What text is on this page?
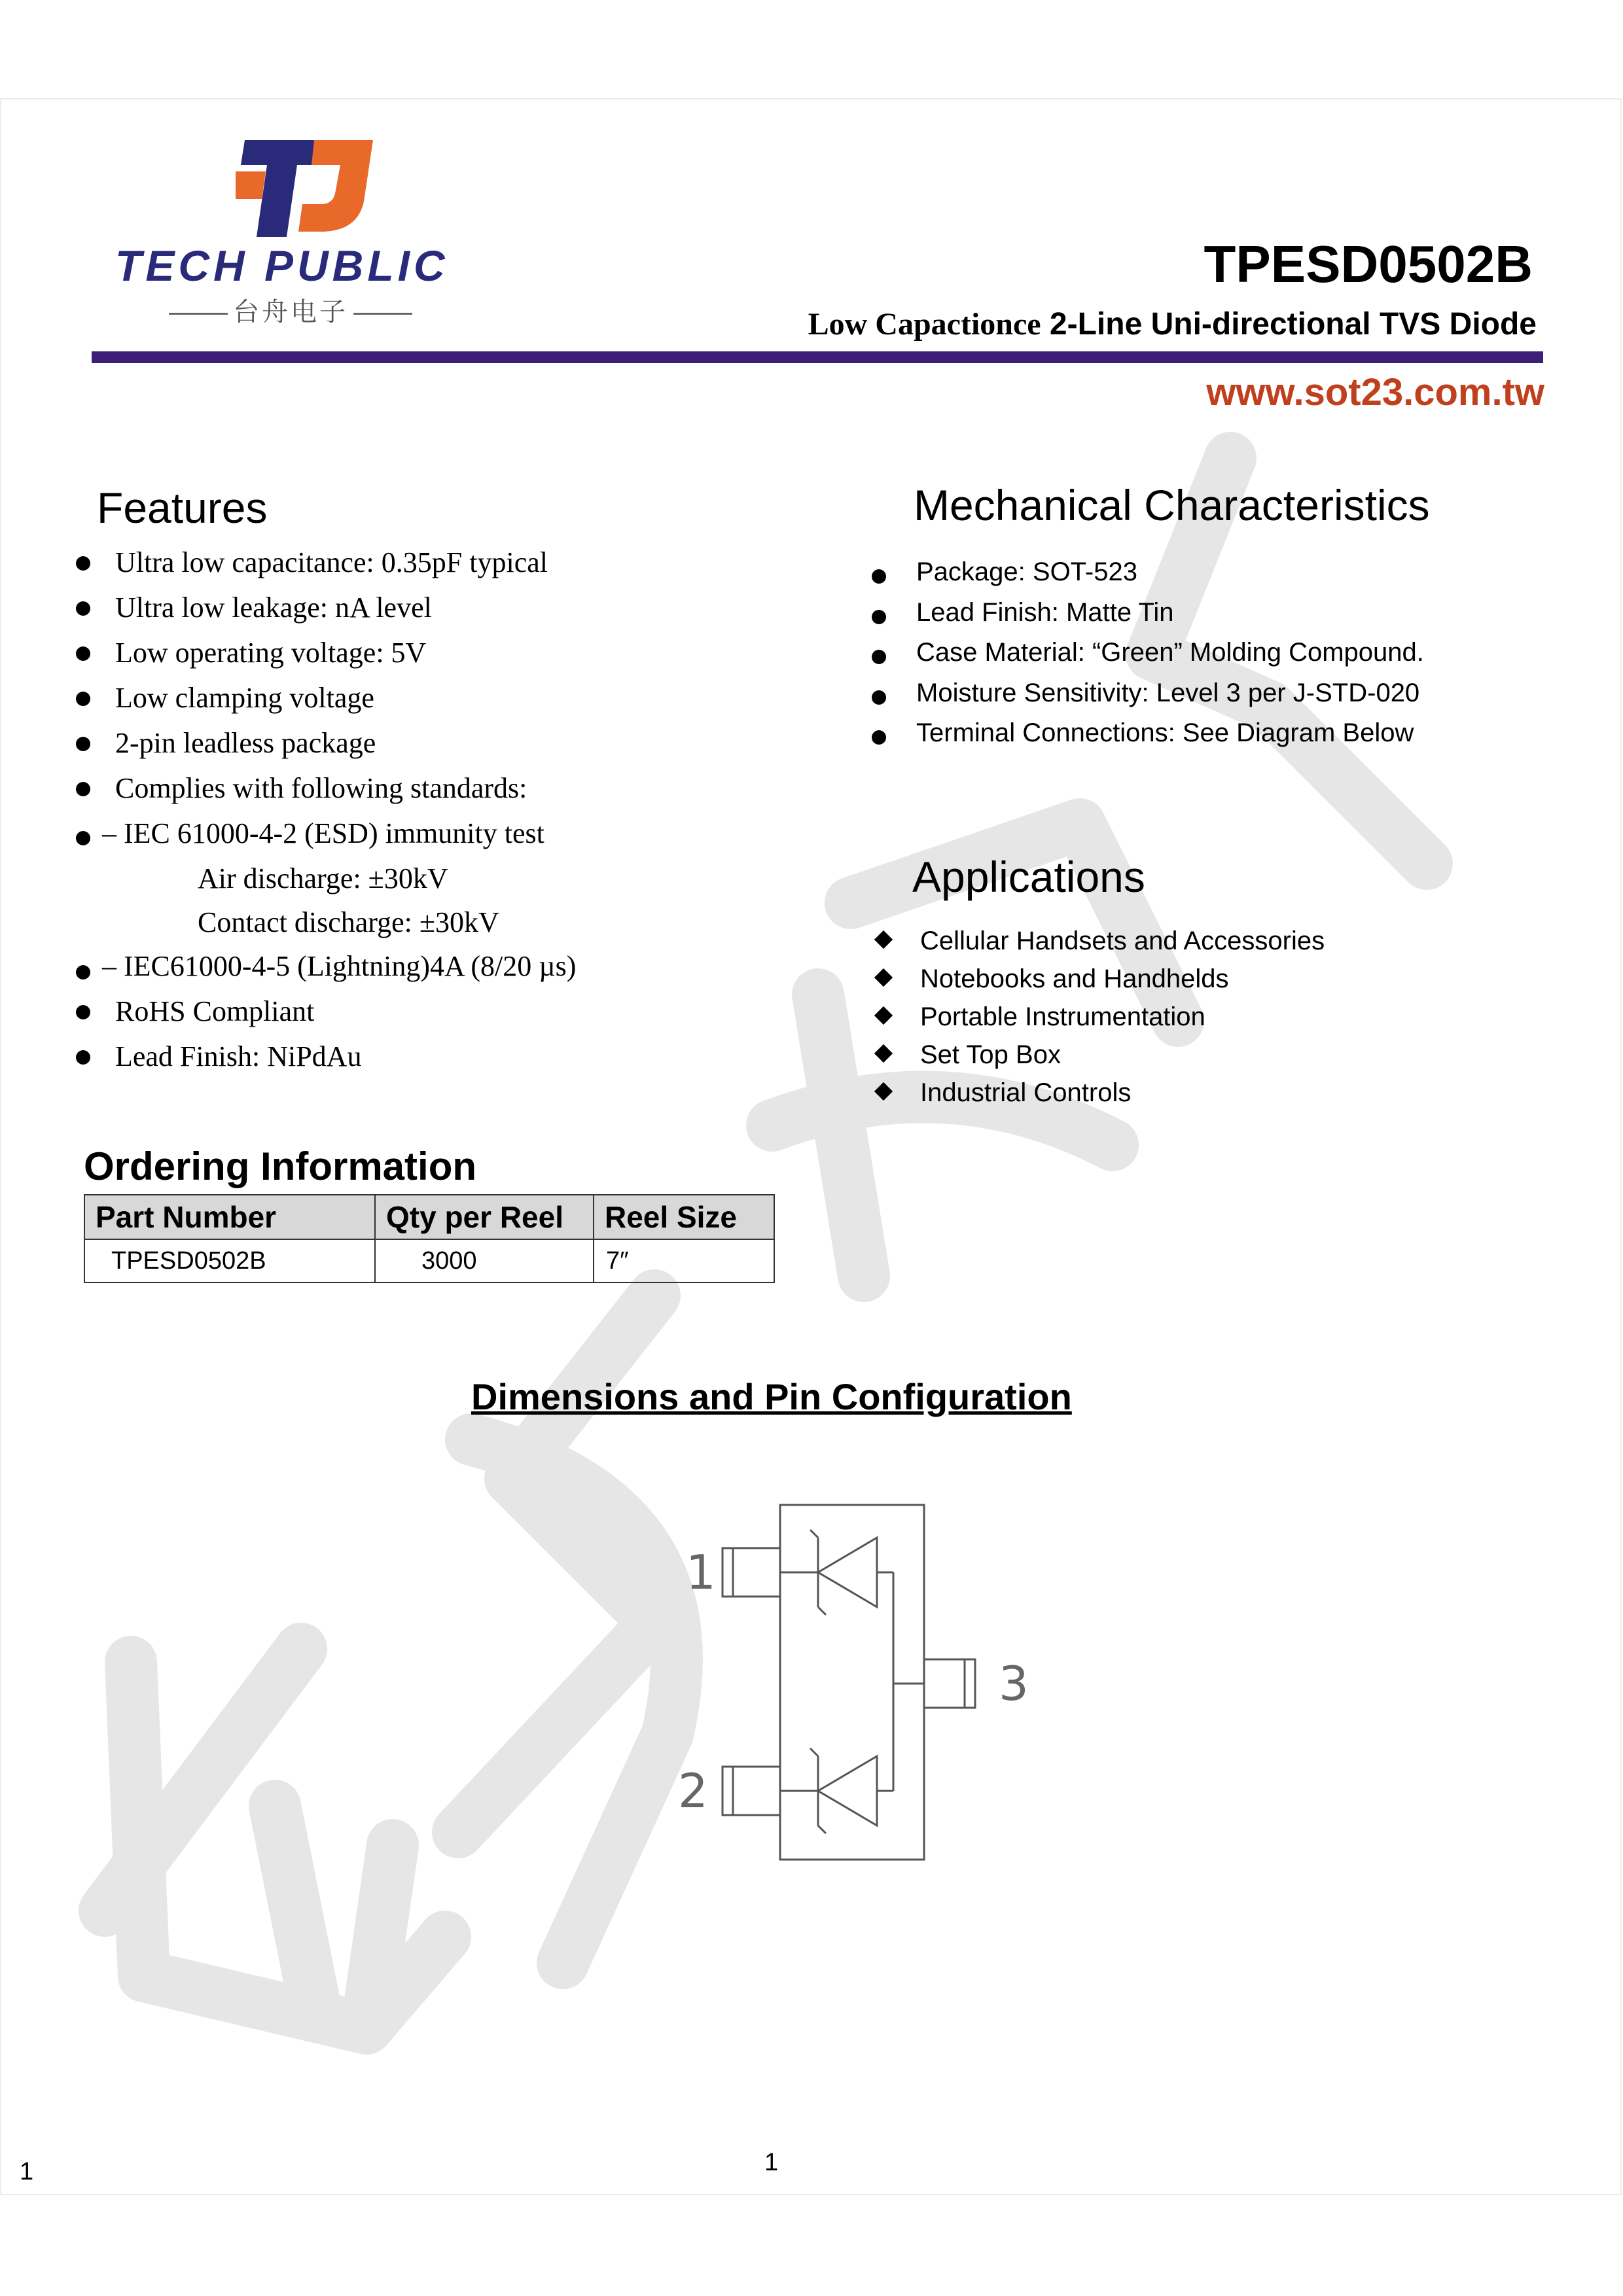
TECH PUBLIC
台舟电子
TPESD0502B
Low Capactionce 2-Line Uni-directional TVS Diode
www.sot23.com.tw
Features
Ultra low capacitance: 0.35pF typical
Ultra low leakage: nA level
Low operating voltage: 5V
Low clamping voltage
2-pin leadless package
Complies with following standards:
– IEC 61000-4-2 (ESD) immunity test
Air discharge: ±30kV
Contact discharge: ±30kV
– IEC61000-4-5 (Lightning)4A (8/20 µs)
RoHS Compliant
Lead Finish: NiPdAu
Mechanical Characteristics
Package: SOT-523
Lead Finish: Matte Tin
Case Material: “Green” Molding Compound.
Moisture Sensitivity: Level 3 per J-STD-020
Terminal Connections: See Diagram Below
Applications
Cellular Handsets and Accessories
Notebooks and Handhelds
Portable Instrumentation
Set Top Box
Industrial Controls
Ordering Information
Part Number	Qty per Reel	Reel Size
TPESD0502B	3000	7″
Dimensions and Pin Configuration
1
2
3
1	1
